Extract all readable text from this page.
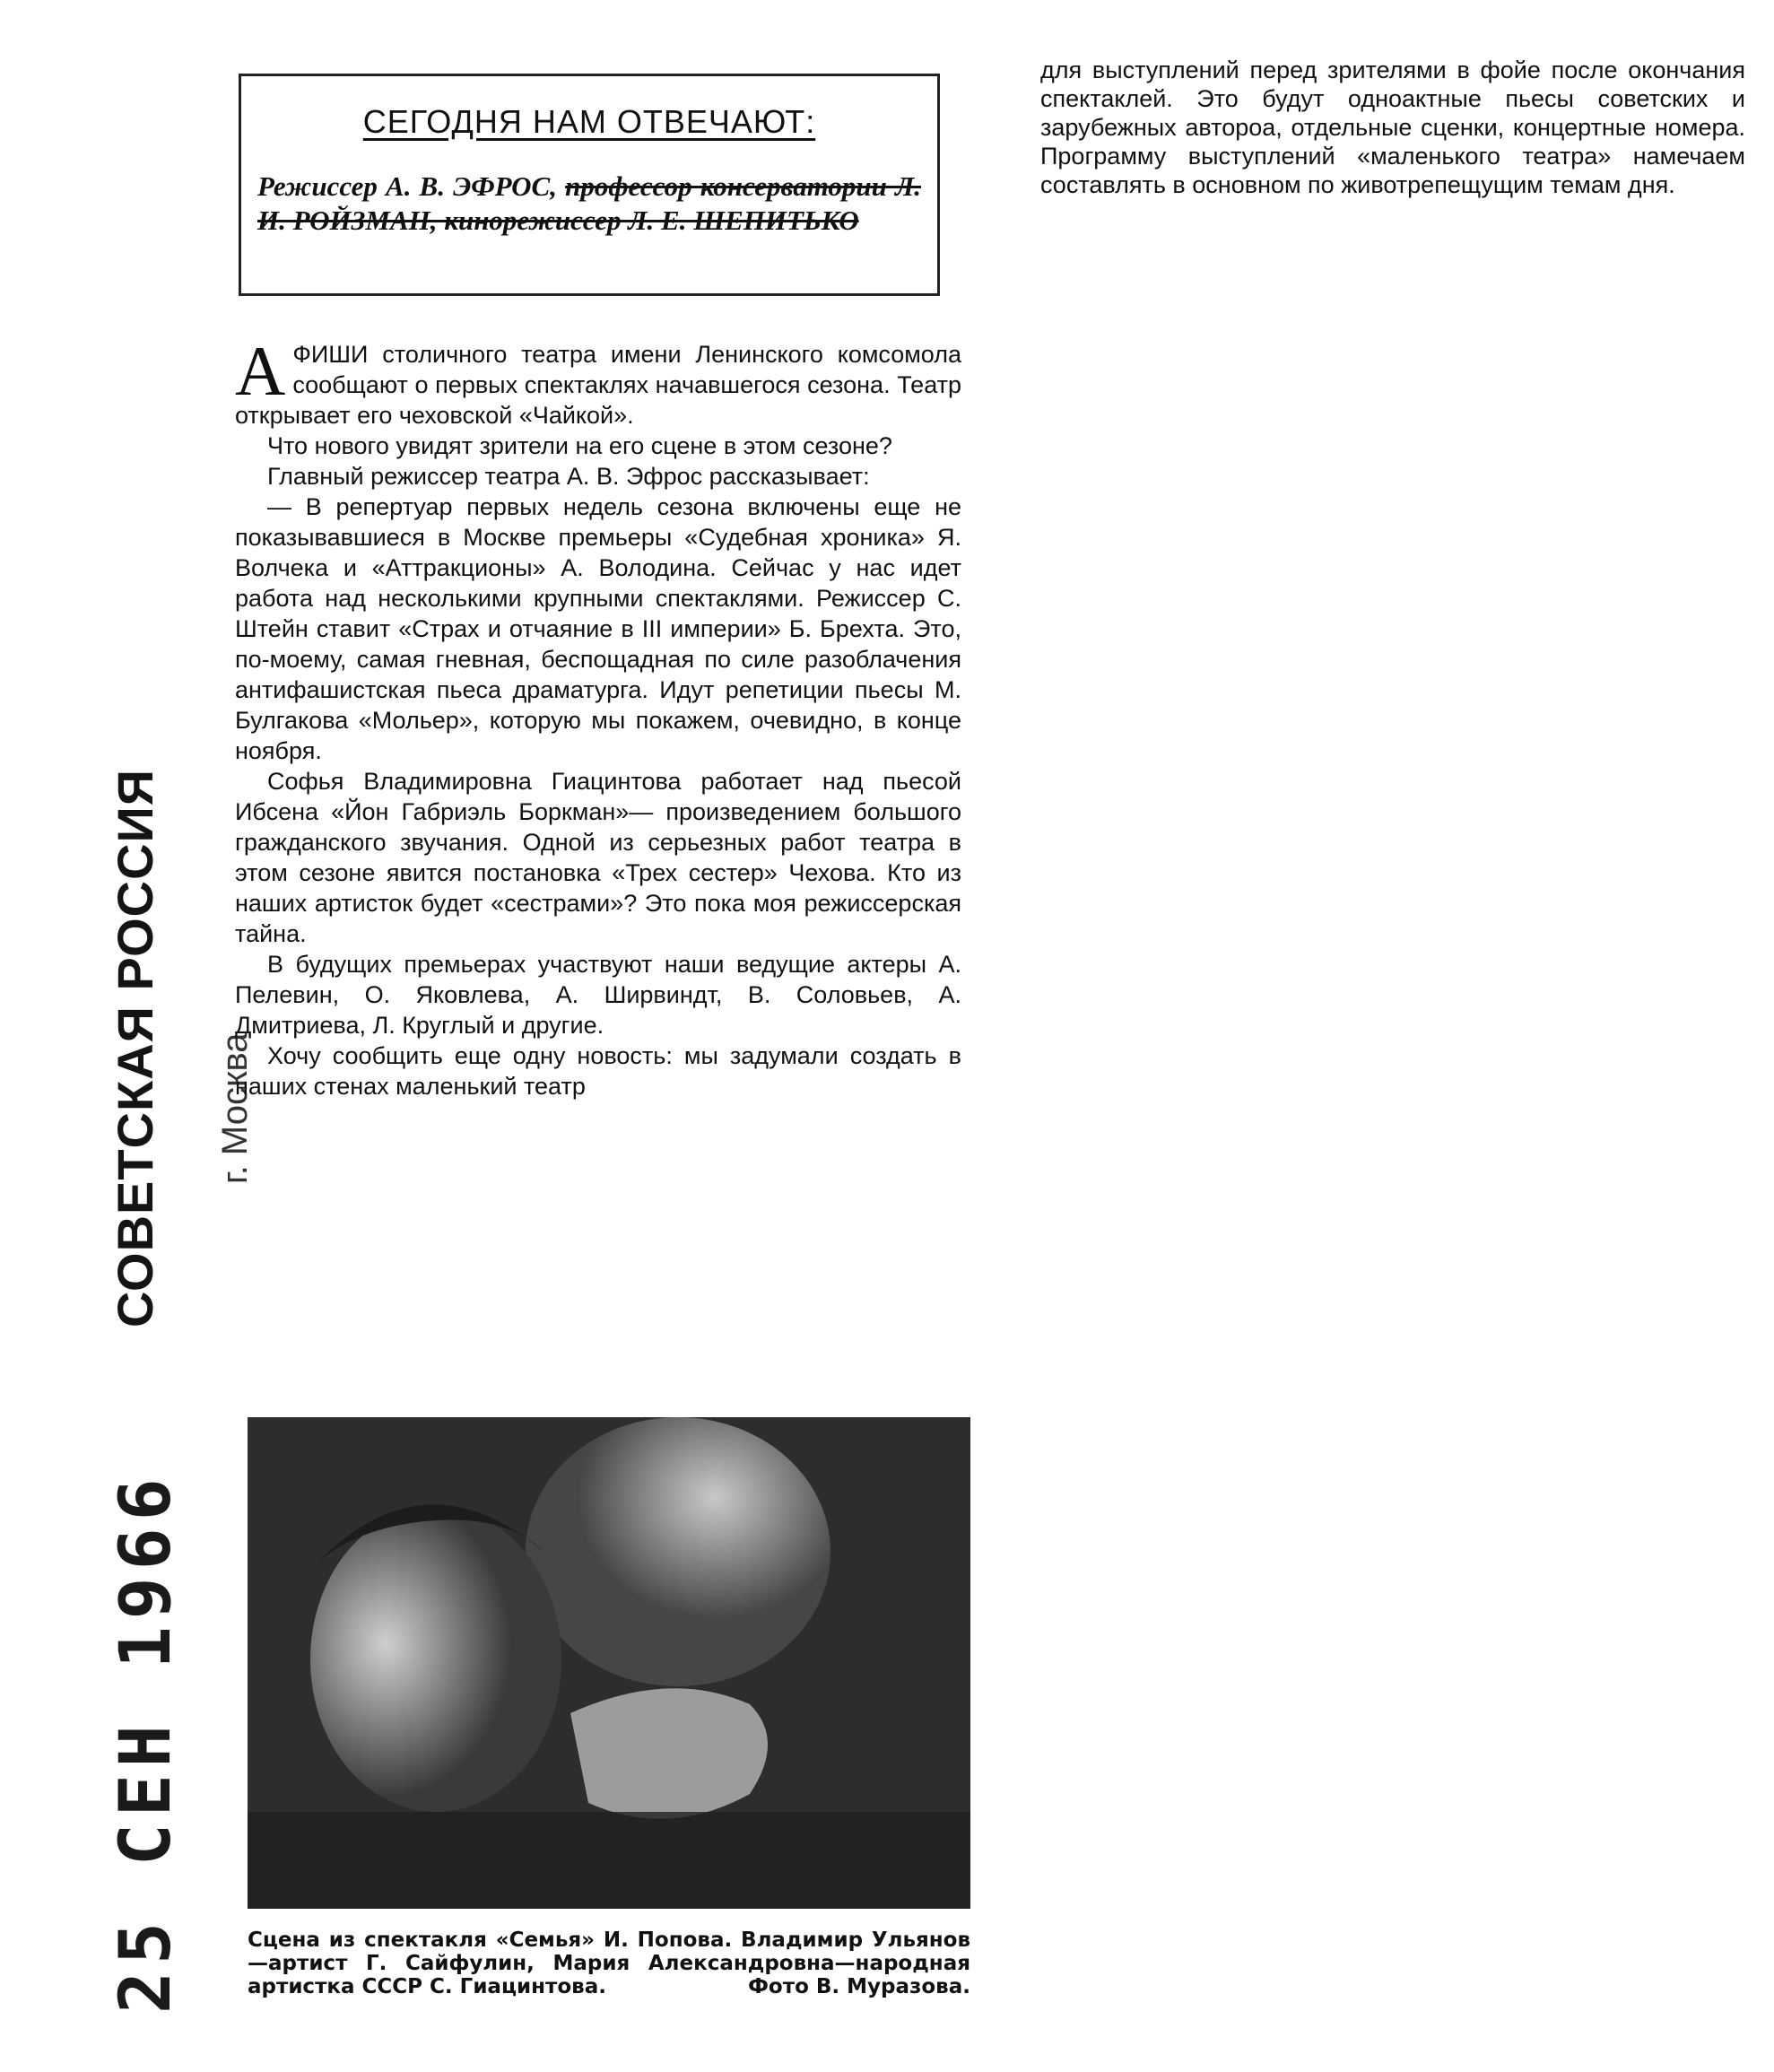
СОВЕТСКАЯ РОССИЯ г. Москва
25 СЕН 1966
СЕГОДНЯ НАМ ОТВЕЧАЮТ:
Режиссер А. В. ЭФРОС, профессор консерватории Л. И. РОЙЗМАН, кинорежиссер Л. Е. ШЕПИТЬКО

АФИШИ столичного театра имени Ленинского комсомола сообщают о первых спектаклях начавшегося сезона. Театр открывает его чеховской «Чайкой».

Что нового увидят зрители на его сцене в этом сезоне?

Главный режиссер театра А. В. Эфрос рассказывает:

— В репертуар первых недель сезона включены еще не показывавшиеся в Москве премьеры «Судебная хроника» Я. Волчека и «Аттракционы» А. Володина. Сейчас у нас идет работа над несколькими крупными спектаклями. Режиссер С. Штейн ставит «Страх и отчаяние в III империи» Б. Брехта. Это, по-моему, самая гневная, беспощадная по силе разоблачения антифашистская пьеса драматурга. Идут репетиции пьесы М. Булгакова «Мольер», которую мы покажем, очевидно, в конце ноября.

Софья Владимировна Гиацинтова работает над пьесой Ибсена «Йон Габриэль Боркман»— произведением большого гражданского звучания. Одной из серьезных работ театра в этом сезоне явится постановка «Трех сестер» Чехова. Кто из наших артисток будет «сестрами»? Это пока моя режиссерская тайна.

В будущих премьерах участвуют наши ведущие актеры А. Пелевин, О. Яковлева, А. Ширвиндт, В. Соловьев, А. Дмитриева, Л. Круглый и другие.

Хочу сообщить еще одну новость: мы задумали создать в наших стенах маленький театр

для выступлений перед зрителями в фойе после окончания спектаклей. Это будут одноактные пьесы советских и зарубежных автороа, отдельные сценки, концертные номера. Программу выступлений «маленького театра» намечаем составлять в основном по животрепещущим темам дня.

Сцена из спектакля «Семья» И. Попова. Владимир Ульянов—артист Г. Сайфулин, Мария Александровна—народная артистка СССР С. Гиацинтова.	Фото В. Муразова.
